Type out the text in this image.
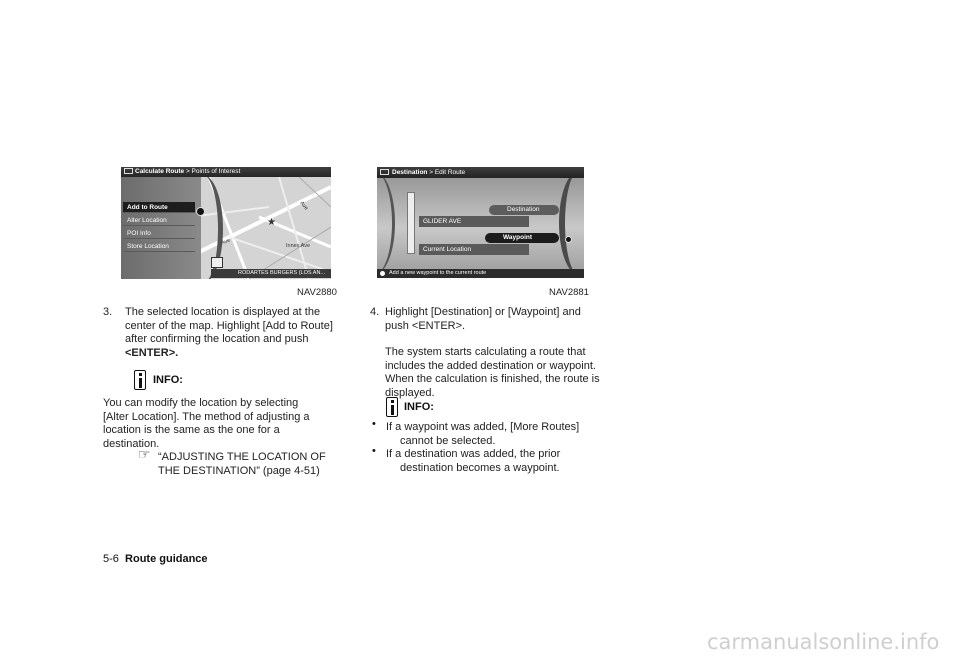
Add to Route
Alter Location
POI Info
Store Location
Ave	Innes Ave
Ave
★
RODARTES BURGERS (LOS AN...
Calculate Route > Points of Interest
NAV2880
GLIDER AVE
Current Location
Destination
Waypoint
Destination > Edit Route
Add a new waypoint to the current route
NAV2881
3. The selected location is displayed at the
center of the map. Highlight [Add to Route]
after confirming the location and push
<ENTER>.
INFO:
You can modify the location by selecting
[Alter Location]. The method of adjusting a
location is the same as the one for a
destination.
☞ “ADJUSTING THE LOCATION OF
THE DESTINATION” (page 4-51)
4. Highlight [Destination] or [Waypoint] and
push <ENTER>.
The system starts calculating a route that
includes the added destination or waypoint.
When the calculation is finished, the route is
displayed.
INFO:
• If a waypoint was added, [More Routes]
cannot be selected.
• If a destination was added, the prior
destination becomes a waypoint.
5-6 Route guidance
carmanualsonline.info
